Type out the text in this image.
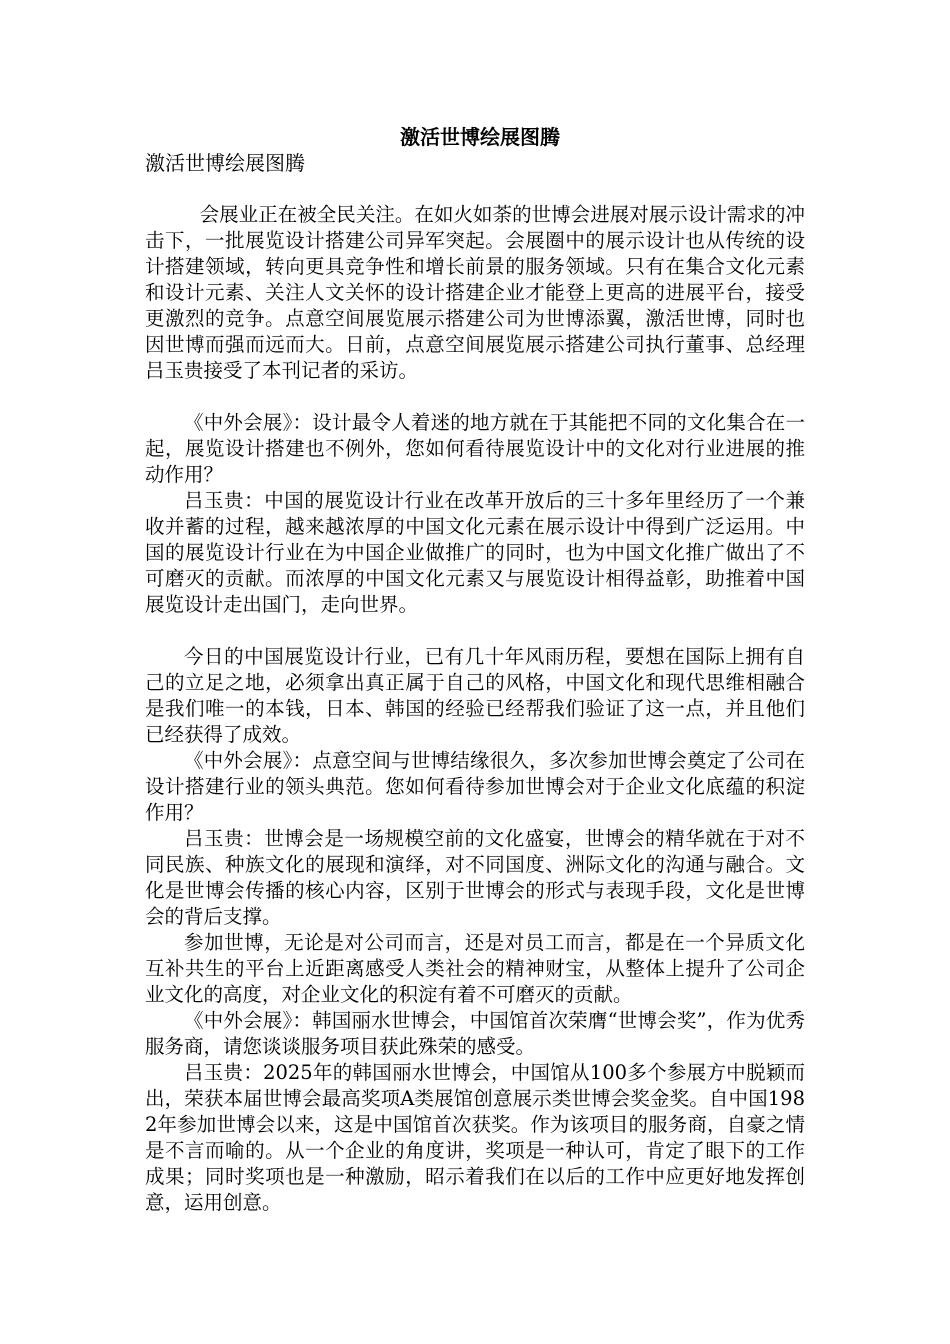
激活世博绘展图腾

激活世博绘展图腾

会展业正在被全民关注。在如火如荼的世博会进展对展示设计需求的冲击下，一批展览设计搭建公司异军突起。会展圈中的展示设计也从传统的设计搭建领域，转向更具竞争性和增长前景的服务领域。只有在集合文化元素和设计元素、关注人文关怀的设计搭建企业才能登上更高的进展平台，接受更激烈的竞争。点意空间展览展示搭建公司为世博添翼，激活世博，同时也因世博而强而远而大。日前，点意空间展览展示搭建公司执行董事、总经理吕玉贵接受了本刊记者的采访。

《中外会展》：设计最令人着迷的地方就在于其能把不同的文化集合在一起，展览设计搭建也不例外，您如何看待展览设计中的文化对行业进展的推动作用？

吕玉贵：中国的展览设计行业在改革开放后的三十多年里经历了一个兼收并蓄的过程，越来越浓厚的中国文化元素在展示设计中得到广泛运用。中国的展览设计行业在为中国企业做推广的同时，也为中国文化推广做出了不可磨灭的贡献。而浓厚的中国文化元素又与展览设计相得益彰，助推着中国展览设计走出国门，走向世界。

今日的中国展览设计行业，已有几十年风雨历程，要想在国际上拥有自己的立足之地，必须拿出真正属于自己的风格，中国文化和现代思维相融合是我们唯一的本钱，日本、韩国的经验已经帮我们验证了这一点，并且他们已经获得了成效。

《中外会展》：点意空间与世博结缘很久，多次参加世博会奠定了公司在设计搭建行业的领头典范。您如何看待参加世博会对于企业文化底蕴的积淀作用？

吕玉贵：世博会是一场规模空前的文化盛宴，世博会的精华就在于对不同民族、种族文化的展现和演绎，对不同国度、洲际文化的沟通与融合。文化是世博会传播的核心内容，区别于世博会的形式与表现手段，文化是世博会的背后支撑。

参加世博，无论是对公司而言，还是对员工而言，都是在一个异质文化互补共生的平台上近距离感受人类社会的精神财宝，从整体上提升了公司企业文化的高度，对企业文化的积淀有着不可磨灭的贡献。

《中外会展》：韩国丽水世博会，中国馆首次荣膺“世博会奖”，作为优秀服务商，请您谈谈服务项目获此殊荣的感受。

吕玉贵：2025年的韩国丽水世博会，中国馆从100多个参展方中脱颖而出，荣获本届世博会最高奖项A类展馆创意展示类世博会奖金奖。自中国1982年参加世博会以来，这是中国馆首次获奖。作为该项目的服务商，自豪之情是不言而喻的。从一个企业的角度讲，奖项是一种认可，肯定了眼下的工作成果；同时奖项也是一种激励，昭示着我们在以后的工作中应更好地发挥创意，运用创意。
